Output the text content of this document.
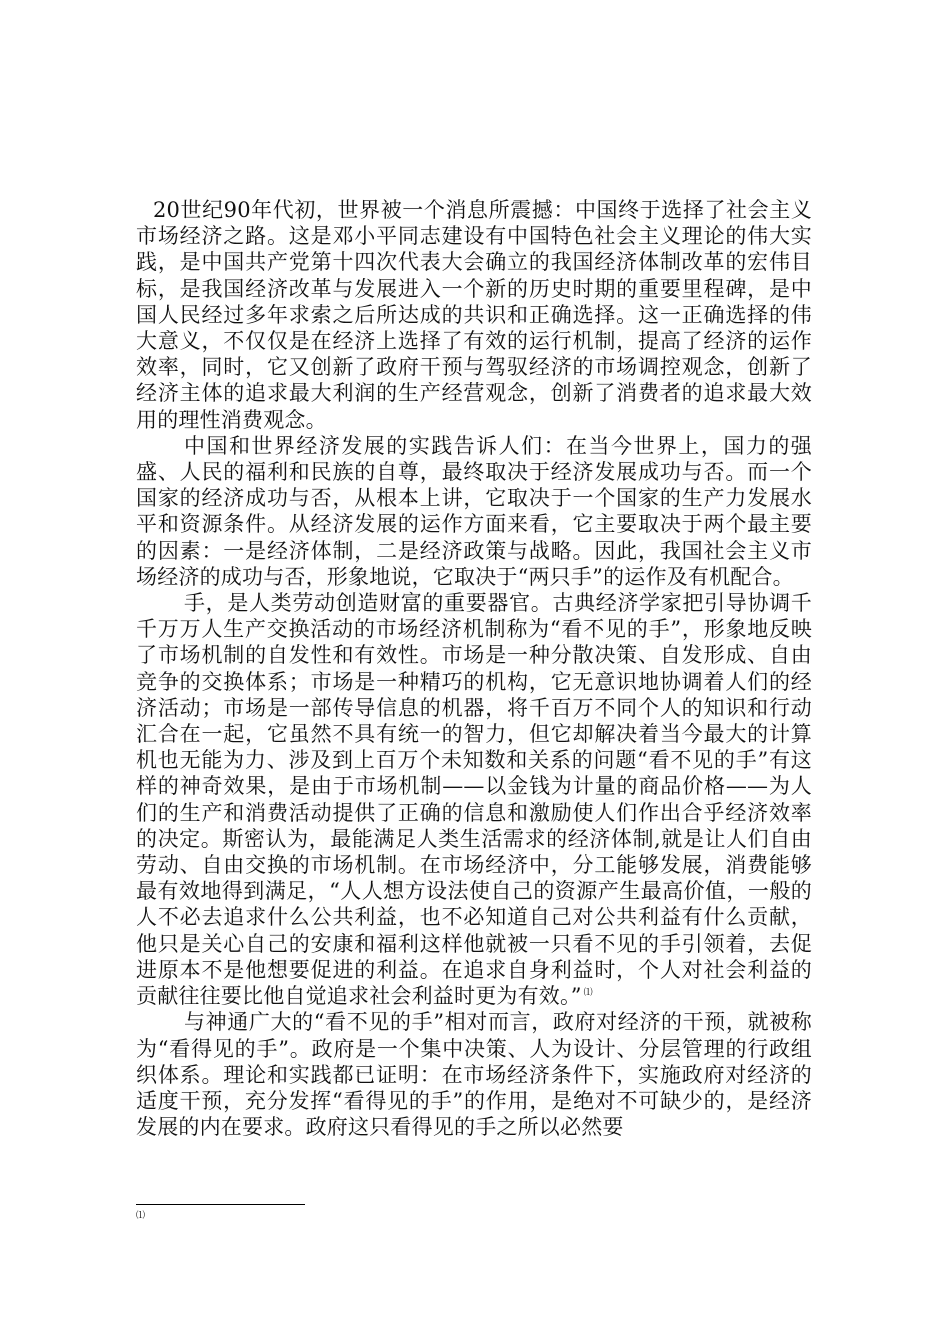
20世纪90年代初，世界被一个消息所震撼：中国终于选择了社会主义市场经济之路。这是邓小平同志建设有中国特色社会主义理论的伟大实践，是中国共产党第十四次代表大会确立的我国经济体制改革的宏伟目标，是我国经济改革与发展进入一个新的历史时期的重要里程碑，是中国人民经过多年求索之后所达成的共识和正确选择。这一正确选择的伟大意义，不仅仅是在经济上选择了有效的运行机制，提高了经济的运作效率，同时，它又创新了政府干预与驾驭经济的市场调控观念，创新了经济主体的追求最大利润的生产经营观念，创新了消费者的追求最大效用的理性消费观念。

中国和世界经济发展的实践告诉人们：在当今世界上，国力的强盛、人民的福利和民族的自尊，最终取决于经济发展成功与否。而一个国家的经济成功与否，从根本上讲，它取决于一个国家的生产力发展水平和资源条件。从经济发展的运作方面来看，它主要取决于两个最主要的因素：一是经济体制，二是经济政策与战略。因此，我国社会主义市场经济的成功与否，形象地说，它取决于“两只手”的运作及有机配合。

手，是人类劳动创造财富的重要器官。古典经济学家把引导协调千千万万人生产交换活动的市场经济机制称为“看不见的手”，形象地反映了市场机制的自发性和有效性。市场是一种分散决策、自发形成、自由竞争的交换体系；市场是一种精巧的机构，它无意识地协调着人们的经济活动；市场是一部传导信息的机器，将千百万不同个人的知识和行动汇合在一起，它虽然不具有统一的智力，但它却解决着当今最大的计算机也无能为力、涉及到上百万个未知数和关系的问题“看不见的手”有这样的神奇效果，是由于市场机制——以金钱为计量的商品价格——为人们的生产和消费活动提供了正确的信息和激励使人们作出合乎经济效率的决定。斯密认为，最能满足人类生活需求的经济体制,就是让人们自由劳动、自由交换的市场机制。在市场经济中，分工能够发展，消费能够最有效地得到满足，“人人想方设法使自己的资源产生最高价值，一般的人不必去追求什么公共利益，也不必知道自己对公共利益有什么贡献，他只是关心自己的安康和福利这样他就被一只看不见的手引领着，去促进原本不是他想要促进的利益。在追求自身利益时，个人对社会利益的贡献往往要比他自觉追求社会利益时更为有效。” ⑴

与神通广大的“看不见的手”相对而言，政府对经济的干预，就被称为“看得见的手”。政府是一个集中决策、人为设计、分层管理的行政组织体系。理论和实践都已证明：在市场经济条件下，实施政府对经济的适度干预，充分发挥“看得见的手”的作用，是绝对不可缺少的，是经济发展的内在要求。政府这只看得见的手之所以必然要

⑴
